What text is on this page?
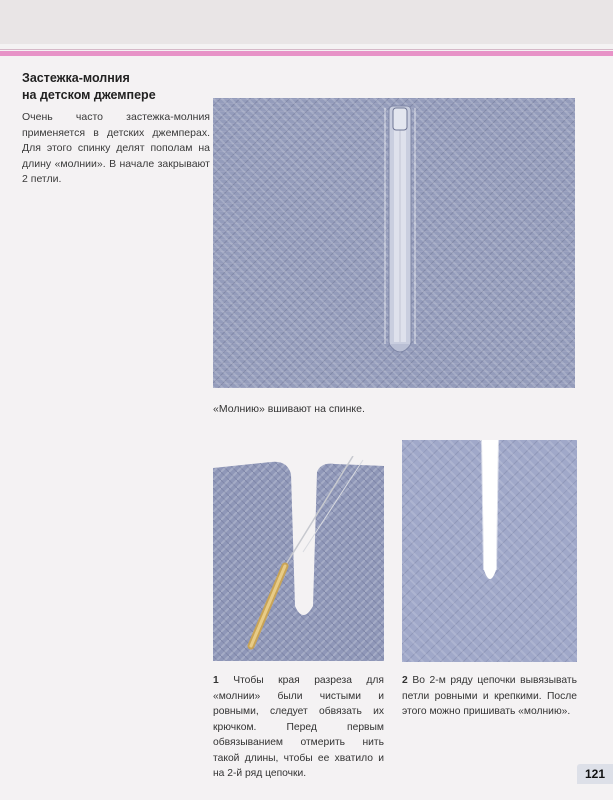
Застежка-молния
на детском джемпере
Очень часто застежка-молния применяется в детских джемперах. Для этого спинку делят пополам на длину «молнии». В начале закрывают 2 петли.
«Молнию» вшивают на спинке.
1 Чтобы края разреза для «молнии» были чистыми и ровными, следует обвязать их крючком. Перед первым обвязыванием отмерить нить такой длины, чтобы ее хватило и на 2-й ряд цепочки.
2 Во 2-м ряду цепочки вывязывать петли ровными и крепкими. После этого можно пришивать «молнию».
121
